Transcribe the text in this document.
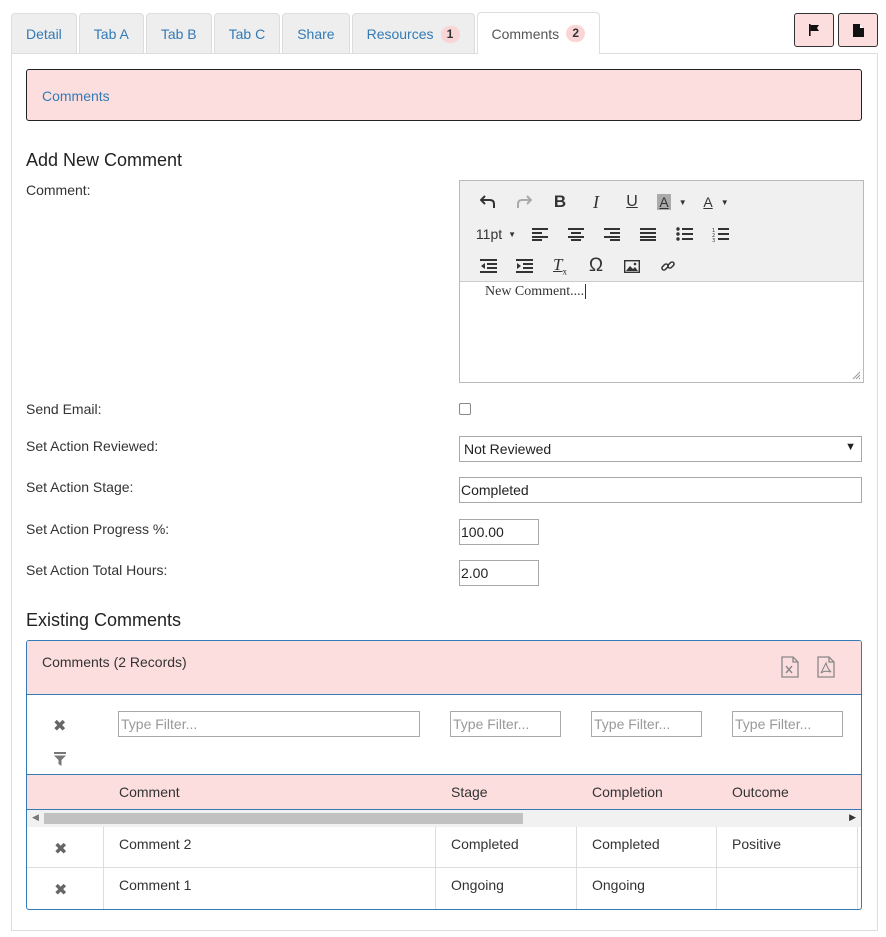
Detail Tab A Tab B Tab C Share Resources	1	Comments	2
Comments
Add New Comment
Comment:
B I U A ▼ A ▼
11pt ▼	1
2
3
$T_x$ Ω
New Comment....
Send Email:
Set Action Reviewed:	Not Reviewed	▼
Set Action Stage:	Completed
Set Action Progress %:	100.00
Set Action Total Hours:	2.00
Existing Comments
Comments (2 Records)
✖
Type Filter...
Type Filter...
Type Filter...
Type Filter...
Comment	Stage	Completion	Outcome
◀	▶
✖	Comment 2	Completed	Completed	Positive
✖	Comment 1	Ongoing	Ongoing
